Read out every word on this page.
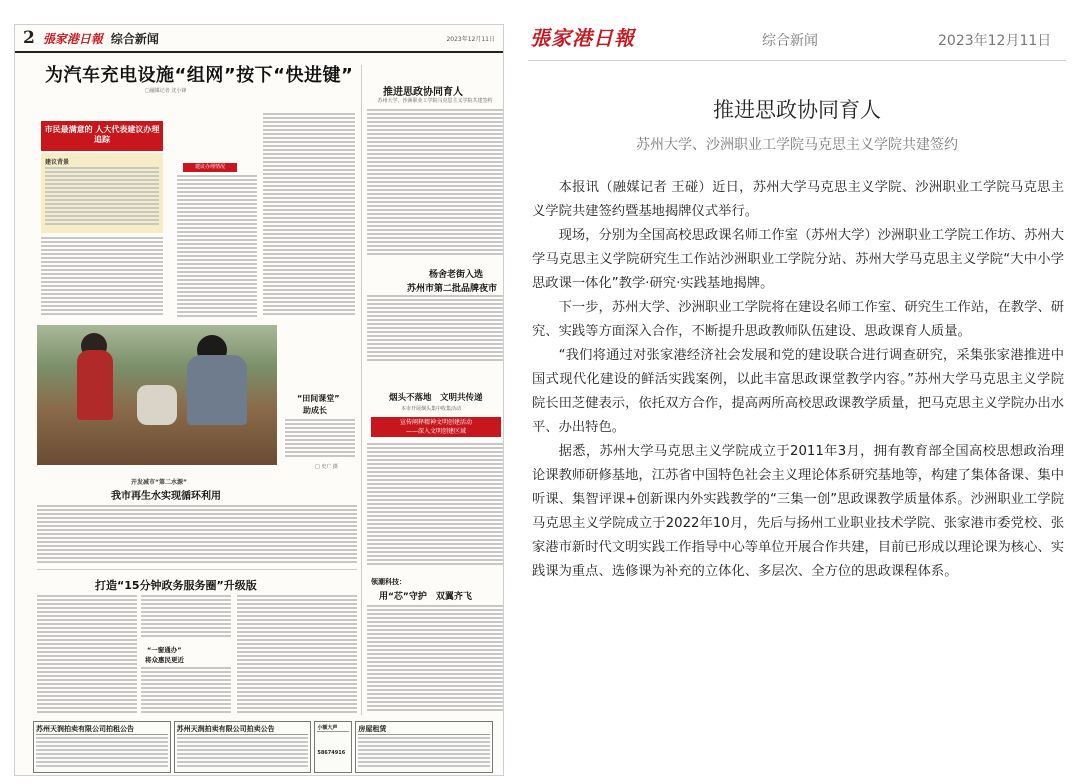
2 張家港日報 综合新闻	2023年12月11日
为汽车充电设施“组网”按下“快进键”
□融媒记者 沈小锋
市民最满意的 人大代表建议办理追踪
建议背景
建议办理情况
推进思政协同育人
苏州大学、沙洲职业工学院马克思主义学院共建签约
杨舍老街入选
苏州市第二批品牌夜市
“田间课堂”
助成长
□ 史广 摄
烟头不落地　文明共传递
本市开展烟头集中收集活动
宣传阐释精神文明创建活动
——深入文明创建区域
开发减市“第二水源”
我市再生水实现循环利用
打造“15分钟政务服务圈”升级版
“一窗通办”
将众惠民更近
领潮科技：
用“芯”守护　双翼齐飞
苏州天润拍卖有限公司拍租公告	苏州天润拍卖有限公司拍卖公告	小额大声
58674916
房屋租赁
張家港日報	综合新闻	2023年12月11日
推进思政协同育人
苏州大学、沙洲职业工学院马克思主义学院共建签约

本报讯（融媒记者 王碰）近日，苏州大学马克思主义学院、沙洲职业工学院马克思主义学院共建签约暨基地揭牌仪式举行。

现场，分别为全国高校思政课名师工作室（苏州大学）沙洲职业工学院工作坊、苏州大学马克思主义学院研究生工作站沙洲职业工学院分站、苏州大学马克思主义学院“大中小学思政课一体化”教学·研究·实践基地揭牌。

下一步，苏州大学、沙洲职业工学院将在建设名师工作室、研究生工作站，在教学、研究、实践等方面深入合作，不断提升思政教师队伍建设、思政课育人质量。

“我们将通过对张家港经济社会发展和党的建设联合进行调查研究，采集张家港推进中国式现代化建设的鲜活实践案例，以此丰富思政课堂教学内容。”苏州大学马克思主义学院院长田芝健表示，依托双方合作，提高两所高校思政课教学质量，把马克思主义学院办出水平、办出特色。

据悉，苏州大学马克思主义学院成立于2011年3月，拥有教育部全国高校思想政治理论课教师研修基地，江苏省中国特色社会主义理论体系研究基地等，构建了集体备课、集中听课、集智评课+创新课内外实践教学的“三集一创”思政课教学质量体系。沙洲职业工学院马克思主义学院成立于2022年10月，先后与扬州工业职业技术学院、张家港市委党校、张家港市新时代文明实践工作指导中心等单位开展合作共建，目前已形成以理论课为核心、实践课为重点、选修课为补充的立体化、多层次、全方位的思政课程体系。
